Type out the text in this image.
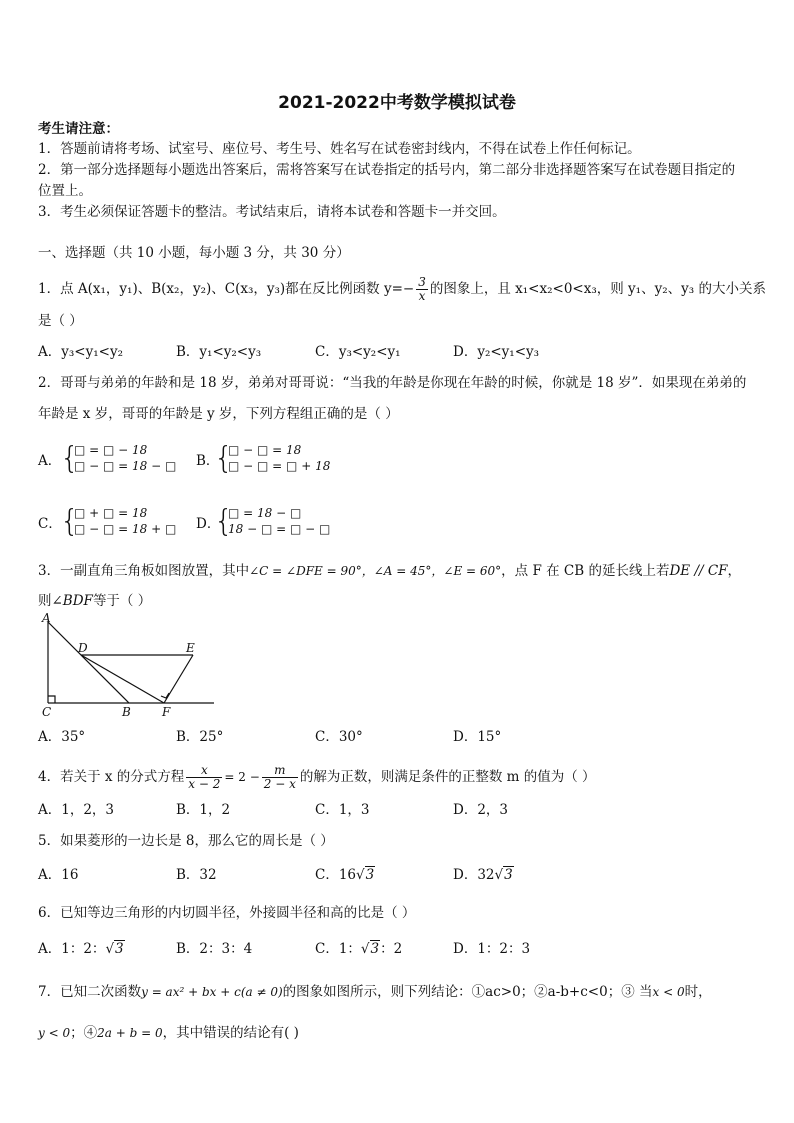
2021-2022中考数学模拟试卷
考生请注意：
1．答题前请将考场、试室号、座位号、考生号、姓名写在试卷密封线内，不得在试卷上作任何标记。
2．第一部分选择题每小题选出答案后，需将答案写在试卷指定的括号内，第二部分非选择题答案写在试卷题目指定的
位置上。
3．考生必须保证答题卡的整洁。考试结束后，请将本试卷和答题卡一并交回。
一、选择题（共 10 小题，每小题 3 分，共 30 分）
1．点 A(x₁，y₁)、B(x₂，y₂)、C(x₃，y₃)都在反比例函数 $y=- \frac{3}{x}$ 的图象上，且 x₁<x₂<0<x₃，则 y₁、y₂、y₃ 的大小关系
是（ ）
A．y₃<y₁<y₂	B．y₁<y₂<y₃	C．y₃<y₂<y₁	D．y₂<y₁<y₃
2．哥哥与弟弟的年龄和是 18 岁，弟弟对哥哥说：“当我的年龄是你现在年龄的时候，你就是 18 岁”．如果现在弟弟的
年龄是 x 岁，哥哥的年龄是 y 岁，下列方程组正确的是（ ）
A．
{
□ = □ − 18
□ − □ = 18 − □ B．
{
□ − □ = 18
□ − □ = □ + 18
C．
{
□ + □ = 18
□ − □ = 18 + □ D．
{
□ = 18 − □
18 − □ = □ − □
3．一副直角三角板如图放置，其中∠C = ∠DFE = 90°，∠A = 45°，∠E = 60°，点 F 在 CB 的延长线上若DE // CF，
则∠BDF等于（ ）
A
D	E
C	B	F
A．35°	B．25°	C．30°	D．15°
4．若关于 x 的分式方程 $\frac{x}{x - 2} = 2 - \frac{m}{2 - x}$ 的解为正数，则满足条件的正整数 m 的值为（ ）
A．1，2，3	B．1，2	C．1，3	D．2，3
5．如果菱形的一边长是 8，那么它的周长是（ ）
A．16	B．32	C．16√3	D．32√3
6．已知等边三角形的内切圆半径，外接圆半径和高的比是（ ）
A．1：2：√3	B．2：3：4	C．1：√3：2	D．1：2：3
7．已知二次函数y = ax² + bx + c(a ≠ 0)的图象如图所示，则下列结论：①ac>0；②a-b+c<0；③ 当x < 0时，
y < 0；④2a + b = 0，其中错误的结论有( )
